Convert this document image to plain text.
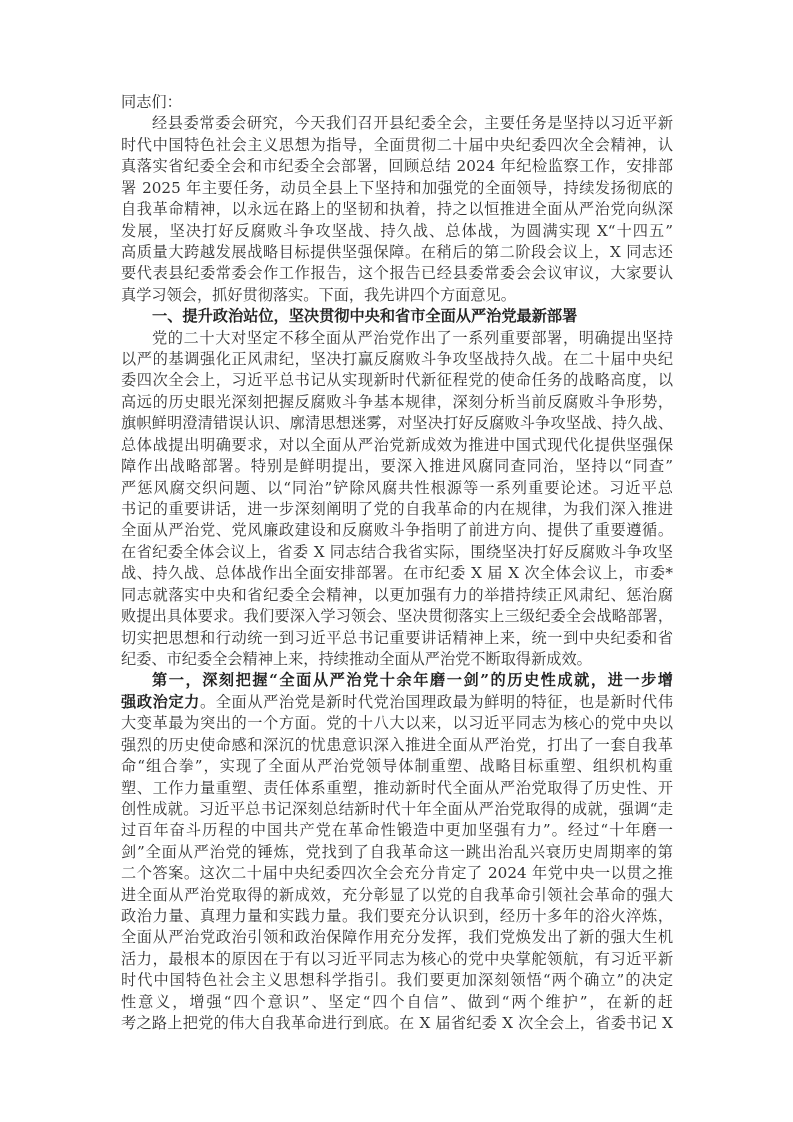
同志们：
经县委常委会研究，今天我们召开县纪委全会，主要任务是坚持以习近平新
时代中国特色社会主义思想为指导，全面贯彻二十届中央纪委四次全会精神，认
真落实省纪委全会和市纪委全会部署，回顾总结 2024 年纪检监察工作，安排部
署 2025 年主要任务，动员全县上下坚持和加强党的全面领导，持续发扬彻底的
自我革命精神，以永远在路上的坚韧和执着，持之以恒推进全面从严治党向纵深
发展，坚决打好反腐败斗争攻坚战、持久战、总体战，为圆满实现 X“十四五”
高质量大跨越发展战略目标提供坚强保障。在稍后的第二阶段会议上，X 同志还
要代表县纪委常委会作工作报告，这个报告已经县委常委会会议审议，大家要认
真学习领会，抓好贯彻落实。下面，我先讲四个方面意见。
一、提升政治站位，坚决贯彻中央和省市全面从严治党最新部署
党的二十大对坚定不移全面从严治党作出了一系列重要部署，明确提出坚持
以严的基调强化正风肃纪，坚决打赢反腐败斗争攻坚战持久战。在二十届中央纪
委四次全会上，习近平总书记从实现新时代新征程党的使命任务的战略高度，以
高远的历史眼光深刻把握反腐败斗争基本规律，深刻分析当前反腐败斗争形势，
旗帜鲜明澄清错误认识、廓清思想迷雾，对坚决打好反腐败斗争攻坚战、持久战、
总体战提出明确要求，对以全面从严治党新成效为推进中国式现代化提供坚强保
障作出战略部署。特别是鲜明提出，要深入推进风腐同查同治，坚持以“同查”
严惩风腐交织问题、以“同治”铲除风腐共性根源等一系列重要论述。习近平总
书记的重要讲话，进一步深刻阐明了党的自我革命的内在规律，为我们深入推进
全面从严治党、党风廉政建设和反腐败斗争指明了前进方向、提供了重要遵循。
在省纪委全体会议上，省委 X 同志结合我省实际，围绕坚决打好反腐败斗争攻坚
战、持久战、总体战作出全面安排部署。在市纪委 X 届 X 次全体会议上，市委*
同志就落实中央和省纪委全会精神，以更加强有力的举措持续正风肃纪、惩治腐
败提出具体要求。我们要深入学习领会、坚决贯彻落实上三级纪委全会战略部署，
切实把思想和行动统一到习近平总书记重要讲话精神上来，统一到中央纪委和省
纪委、市纪委全会精神上来，持续推动全面从严治党不断取得新成效。
第一，深刻把握“全面从严治党十余年磨一剑”的历史性成就，进一步增
强政治定力。全面从严治党是新时代党治国理政最为鲜明的特征，也是新时代伟
大变革最为突出的一个方面。党的十八大以来，以习近平同志为核心的党中央以
强烈的历史使命感和深沉的忧患意识深入推进全面从严治党，打出了一套自我革
命“组合拳”，实现了全面从严治党领导体制重塑、战略目标重塑、组织机构重
塑、工作力量重塑、责任体系重塑，推动新时代全面从严治党取得了历史性、开
创性成就。习近平总书记深刻总结新时代十年全面从严治党取得的成就，强调“走
过百年奋斗历程的中国共产党在革命性锻造中更加坚强有力”。经过“十年磨一
剑”全面从严治党的锤炼，党找到了自我革命这一跳出治乱兴衰历史周期率的第
二个答案。这次二十届中央纪委四次全会充分肯定了 2024 年党中央一以贯之推
进全面从严治党取得的新成效，充分彰显了以党的自我革命引领社会革命的强大
政治力量、真理力量和实践力量。我们要充分认识到，经历十多年的浴火淬炼，
全面从严治党政治引领和政治保障作用充分发挥，我们党焕发出了新的强大生机
活力，最根本的原因在于有以习近平同志为核心的党中央掌舵领航，有习近平新
时代中国特色社会主义思想科学指引。我们要更加深刻领悟“两个确立”的决定
性意义，增强“四个意识”、坚定“四个自信”、做到“两个维护”，在新的赶
考之路上把党的伟大自我革命进行到底。在 X 届省纪委 X 次全会上，省委书记 X
